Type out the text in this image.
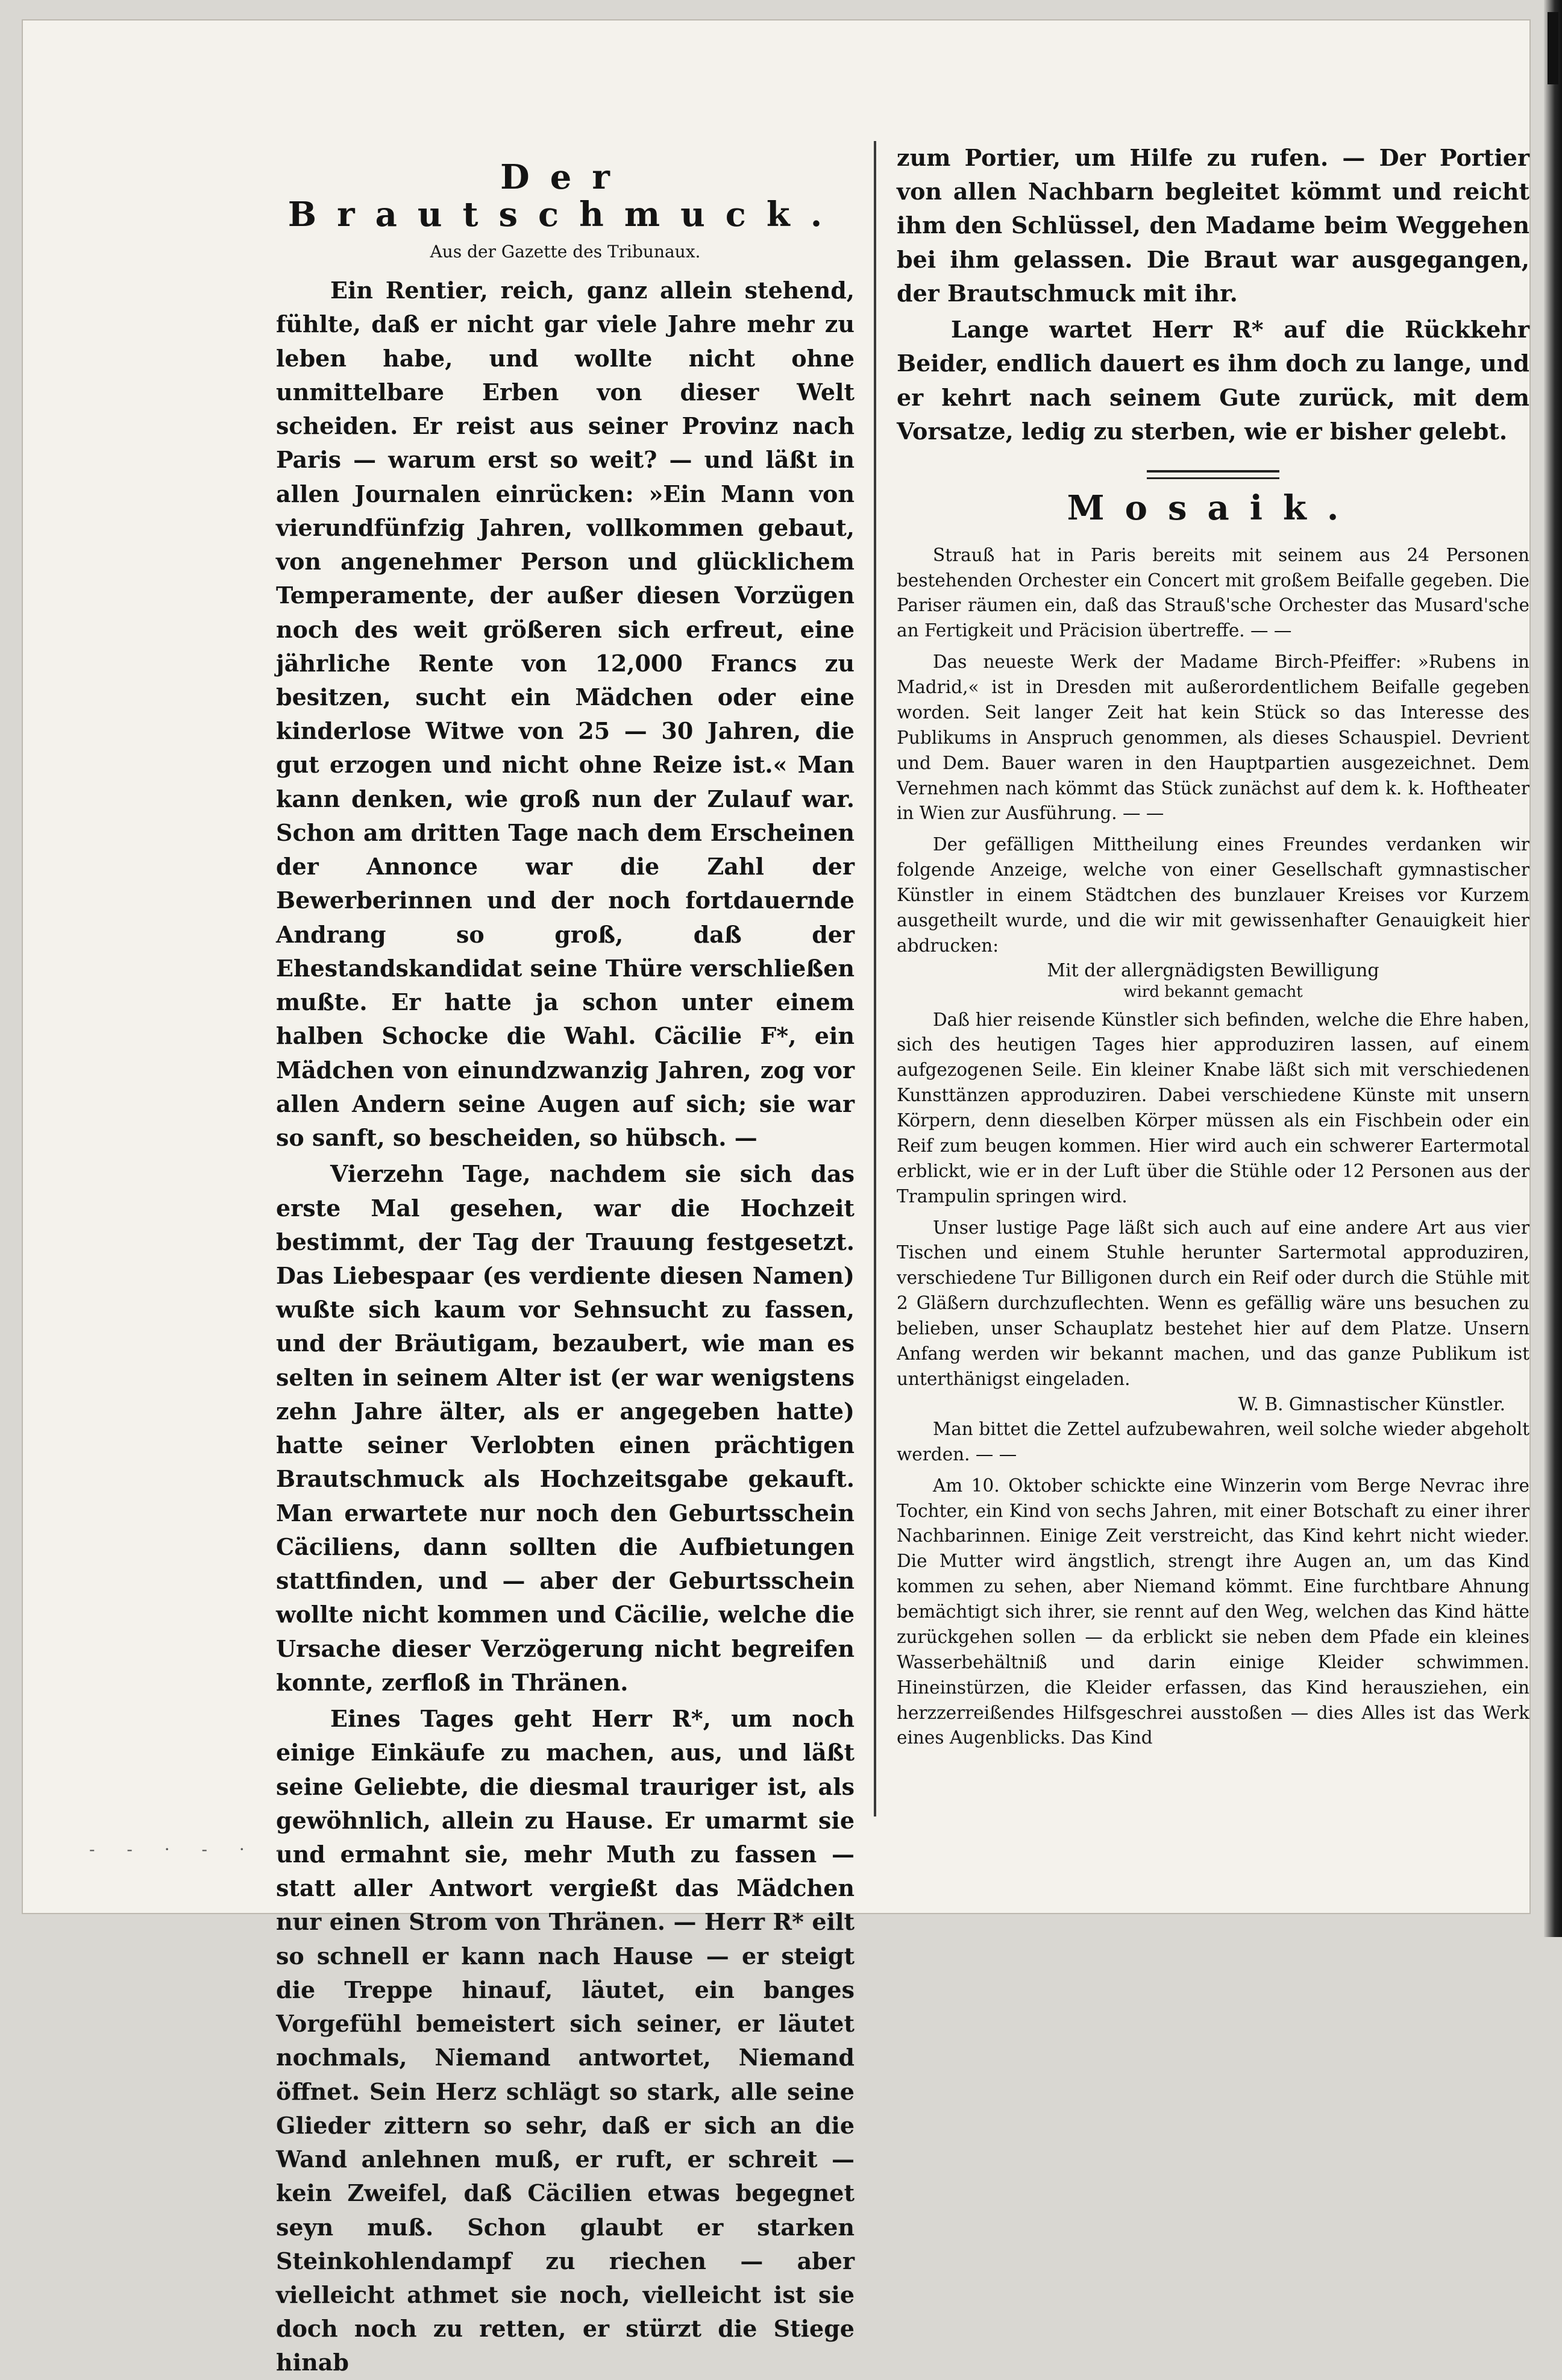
Der Brautschmuck.
Aus der Gazette des Tribunaux.

Ein Rentier, reich, ganz allein stehend, fühlte, daß er nicht gar viele Jahre mehr zu leben habe, und wollte nicht ohne unmittelbare Erben von dieser Welt scheiden. Er reist aus seiner Provinz nach Paris — warum erst so weit? — und läßt in allen Journalen einrücken: »Ein Mann von vierundfünfzig Jahren, vollkommen gebaut, von angenehmer Person und glücklichem Temperamente, der außer diesen Vorzügen noch des weit größeren sich erfreut, eine jährliche Rente von 12,000 Francs zu besitzen, sucht ein Mädchen oder eine kinderlose Witwe von 25 — 30 Jahren, die gut erzogen und nicht ohne Reize ist.« Man kann denken, wie groß nun der Zulauf war. Schon am dritten Tage nach dem Erscheinen der Annonce war die Zahl der Bewerberinnen und der noch fortdauernde Andrang so groß, daß der Ehestandskandidat seine Thüre verschließen mußte. Er hatte ja schon unter einem halben Schocke die Wahl. Cäcilie F*, ein Mädchen von einundzwanzig Jahren, zog vor allen Andern seine Augen auf sich; sie war so sanft, so bescheiden, so hübsch. —

Vierzehn Tage, nachdem sie sich das erste Mal gesehen, war die Hochzeit bestimmt, der Tag der Trauung festgesetzt. Das Liebespaar (es verdiente diesen Namen) wußte sich kaum vor Sehnsucht zu fassen, und der Bräutigam, bezaubert, wie man es selten in seinem Alter ist (er war wenigstens zehn Jahre älter, als er angegeben hatte) hatte seiner Verlobten einen prächtigen Brautschmuck als Hochzeitsgabe gekauft. Man erwartete nur noch den Geburtsschein Cäciliens, dann sollten die Aufbietungen stattfinden, und — aber der Geburtsschein wollte nicht kommen und Cäcilie, welche die Ursache dieser Verzögerung nicht begreifen konnte, zerfloß in Thränen.

Eines Tages geht Herr R*, um noch einige Einkäufe zu machen, aus, und läßt seine Geliebte, die diesmal trauriger ist, als gewöhnlich, allein zu Hause. Er umarmt sie und ermahnt sie, mehr Muth zu fassen — statt aller Antwort vergießt das Mädchen nur einen Strom von Thränen. — Herr R* eilt so schnell er kann nach Hause — er steigt die Treppe hinauf, läutet, ein banges Vorgefühl bemeistert sich seiner, er läutet nochmals, Niemand antwortet, Niemand öffnet. Sein Herz schlägt so stark, alle seine Glieder zittern so sehr, daß er sich an die Wand anlehnen muß, er ruft, er schreit — kein Zweifel, daß Cäcilien etwas begegnet seyn muß. Schon glaubt er starken Steinkohlendampf zu riechen — aber vielleicht athmet sie noch, vielleicht ist sie doch noch zu retten, er stürzt die Stiege hinab

zum Portier, um Hilfe zu rufen. — Der Portier von allen Nachbarn begleitet kömmt und reicht ihm den Schlüssel, den Madame beim Weggehen bei ihm gelassen. Die Braut war ausgegangen, der Brautschmuck mit ihr.

Lange wartet Herr R* auf die Rückkehr Beider, endlich dauert es ihm doch zu lange, und er kehrt nach seinem Gute zurück, mit dem Vorsatze, ledig zu sterben, wie er bisher gelebt.

Mosaik.

Strauß hat in Paris bereits mit seinem aus 24 Personen bestehenden Orchester ein Concert mit großem Beifalle gegeben. Die Pariser räumen ein, daß das Strauß'sche Orchester das Musard'sche an Fertigkeit und Präcision übertreffe. — —

Das neueste Werk der Madame Birch-Pfeiffer: »Rubens in Madrid,« ist in Dresden mit außerordentlichem Beifalle gegeben worden. Seit langer Zeit hat kein Stück so das Interesse des Publikums in Anspruch genommen, als dieses Schauspiel. Devrient und Dem. Bauer waren in den Hauptpartien ausgezeichnet. Dem Vernehmen nach kömmt das Stück zunächst auf dem k. k. Hoftheater in Wien zur Ausführung. — —

Der gefälligen Mittheilung eines Freundes verdanken wir folgende Anzeige, welche von einer Gesellschaft gymnastischer Künstler in einem Städtchen des bunzlauer Kreises vor Kurzem ausgetheilt wurde, und die wir mit gewissenhafter Genauigkeit hier abdrucken:

Mit der allergnädigsten Bewilligung
wird bekannt gemacht

Daß hier reisende Künstler sich befinden, welche die Ehre haben, sich des heutigen Tages hier approduziren lassen, auf einem aufgezogenen Seile. Ein kleiner Knabe läßt sich mit verschiedenen Kunsttänzen approduziren. Dabei verschiedene Künste mit unsern Körpern, denn dieselben Körper müssen als ein Fischbein oder ein Reif zum beugen kommen. Hier wird auch ein schwerer Eartermotal erblickt, wie er in der Luft über die Stühle oder 12 Personen aus der Trampulin springen wird.

Unser lustige Page läßt sich auch auf eine andere Art aus vier Tischen und einem Stuhle herunter Sartermotal approduziren, verschiedene Tur Billigonen durch ein Reif oder durch die Stühle mit 2 Gläßern durchzuflechten. Wenn es gefällig wäre uns besuchen zu belieben, unser Schauplatz bestehet hier auf dem Platze. Unsern Anfang werden wir bekannt machen, und das ganze Publikum ist unterthänigst eingeladen.

W. B. Gimnastischer Künstler.

Man bittet die Zettel aufzubewahren, weil solche wieder abgeholt werden. — —

Am 10. Oktober schickte eine Winzerin vom Berge Nevrac ihre Tochter, ein Kind von sechs Jahren, mit einer Botschaft zu einer ihrer Nachbarinnen. Einige Zeit verstreicht, das Kind kehrt nicht wieder. Die Mutter wird ängstlich, strengt ihre Augen an, um das Kind kommen zu sehen, aber Niemand kömmt. Eine furchtbare Ahnung bemächtigt sich ihrer, sie rennt auf den Weg, welchen das Kind hätte zurückgehen sollen — da erblickt sie neben dem Pfade ein kleines Wasserbehältniß und darin einige Kleider schwimmen. Hineinstürzen, die Kleider erfassen, das Kind herausziehen, ein herzzerreißendes Hilfsgeschrei ausstoßen — dies Alles ist das Werk eines Augenblicks. Das Kind

- - · - · -
